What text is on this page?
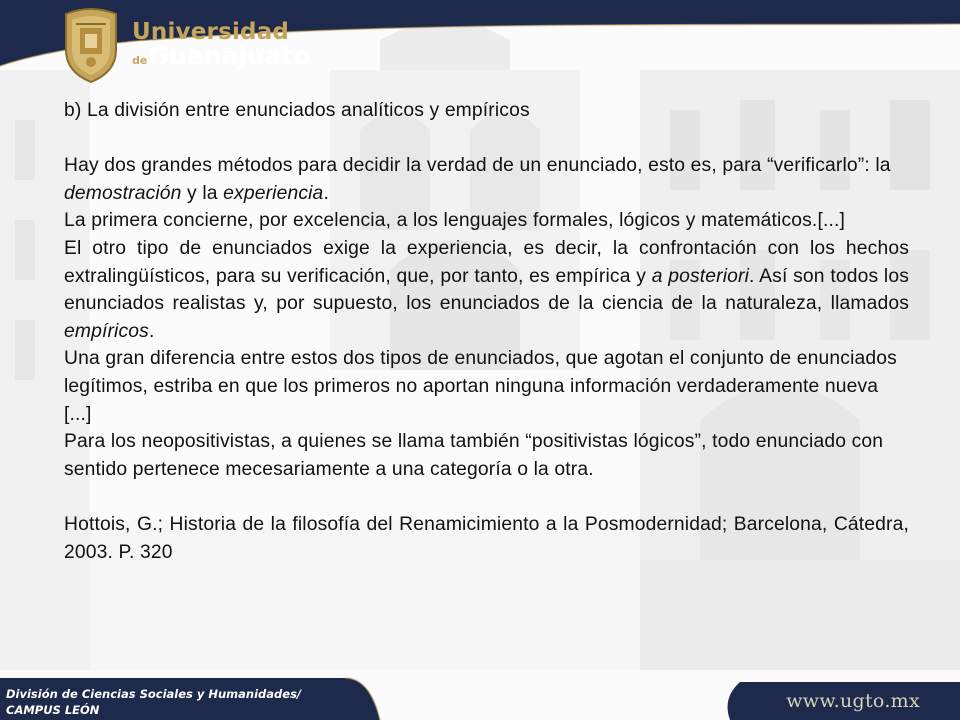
Universidad
de Guanajuato

b) La división entre enunciados analíticos y empíricos

Hay dos grandes métodos para decidir la verdad de un enunciado, esto es, para “verificarlo”: la demostración y la experiencia.

La primera concierne, por excelencia, a los lenguajes formales, lógicos y matemáticos.[...]

El otro tipo de enunciados exige la experiencia, es decir, la confrontación con los hechos extralingüísticos, para su verificación, que, por tanto, es empírica y a posteriori. Así son todos los enunciados realistas y, por supuesto, los enunciados de la ciencia de la naturaleza, llamados empíricos.

Una gran diferencia entre estos dos tipos de enunciados, que agotan el conjunto de enunciados legítimos, estriba en que los primeros no aportan ninguna información verdaderamente nueva [...]

Para los neopositivistas, a quienes se llama también “positivistas lógicos”, todo enunciado con sentido pertenece mecesariamente a una categoría o la otra.

Hottois, G.; Historia de la filosofía del Renamicimiento a la Posmodernidad; Barcelona, Cátedra, 2003. P. 320

División de Ciencias Sociales y Humanidades/
CAMPUS LEÓN	www.ugto.mx
